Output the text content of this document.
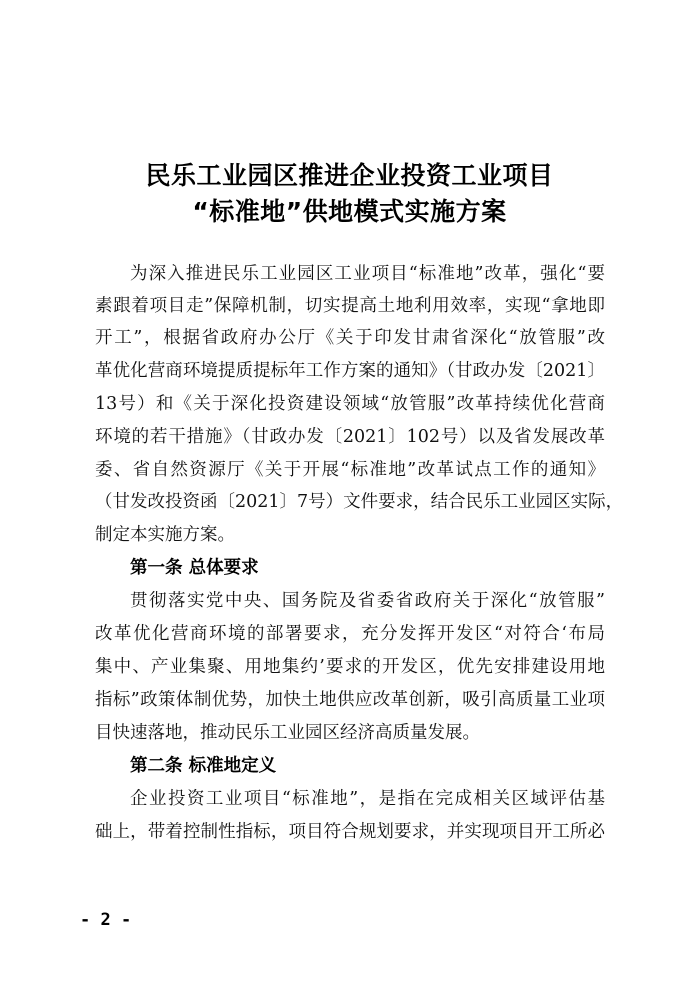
民乐工业园区推进企业投资工业项目
“标准地”供地模式实施方案
为深入推进民乐工业园区工业项目“标准地”改革，强化“要
素跟着项目走”保障机制，切实提高土地利用效率，实现“拿地即
开工”，根据省政府办公厅《关于印发甘肃省深化“放管服”改
革优化营商环境提质提标年工作方案的通知》（甘政办发〔2021〕
13号）和《关于深化投资建设领域“放管服”改革持续优化营商
环境的若干措施》（甘政办发〔2021〕102号）以及省发展改革
委、省自然资源厅《关于开展“标准地”改革试点工作的通知》
（甘发改投资函〔2021〕7号）文件要求，结合民乐工业园区实际，
制定本实施方案。
第一条 总体要求
贯彻落实党中央、国务院及省委省政府关于深化“放管服”
改革优化营商环境的部署要求，充分发挥开发区“对符合‘布局
集中、产业集聚、用地集约’要求的开发区，优先安排建设用地
指标”政策体制优势，加快土地供应改革创新，吸引高质量工业项
目快速落地，推动民乐工业园区经济高质量发展。
第二条 标准地定义
企业投资工业项目“标准地”，是指在完成相关区域评估基
础上，带着控制性指标，项目符合规划要求，并实现项目开工所必
- 2 -
